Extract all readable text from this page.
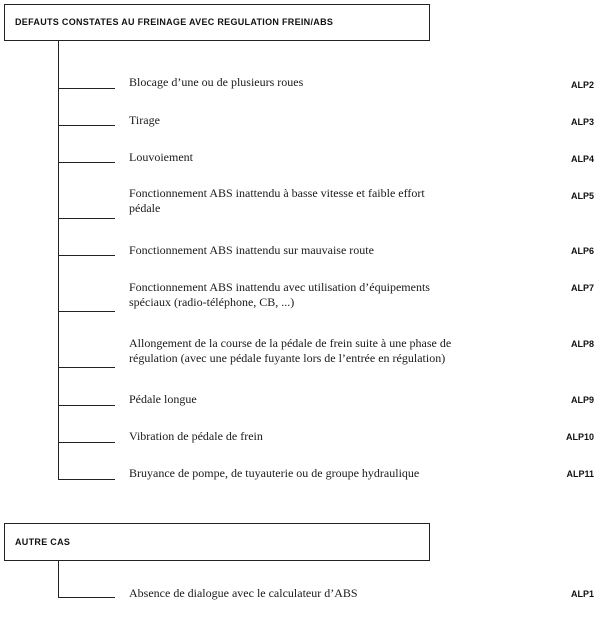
DEFAUTS CONSTATES AU FREINAGE AVEC REGULATION FREIN/ABS
Blocage d’une ou de plusieurs roues	ALP2
Tirage	ALP3
Louvoiement	ALP4
Fonctionnement ABS inattendu à basse vitesse et faible effort pédale
ALP5
Fonctionnement ABS inattendu sur mauvaise route	ALP6
Fonctionnement ABS inattendu avec utilisation d’équipements spéciaux (radio-téléphone, CB, ...)
ALP7
Allongement de la course de la pédale de frein suite à une phase de régulation (avec une pédale fuyante lors de l’entrée en régulation)
ALP8
Pédale longue	ALP9
Vibration de pédale de frein	ALP10
Bruyance de pompe, de tuyauterie ou de groupe hydraulique	ALP11
AUTRE CAS
Absence de dialogue avec le calculateur d’ABS	ALP1
